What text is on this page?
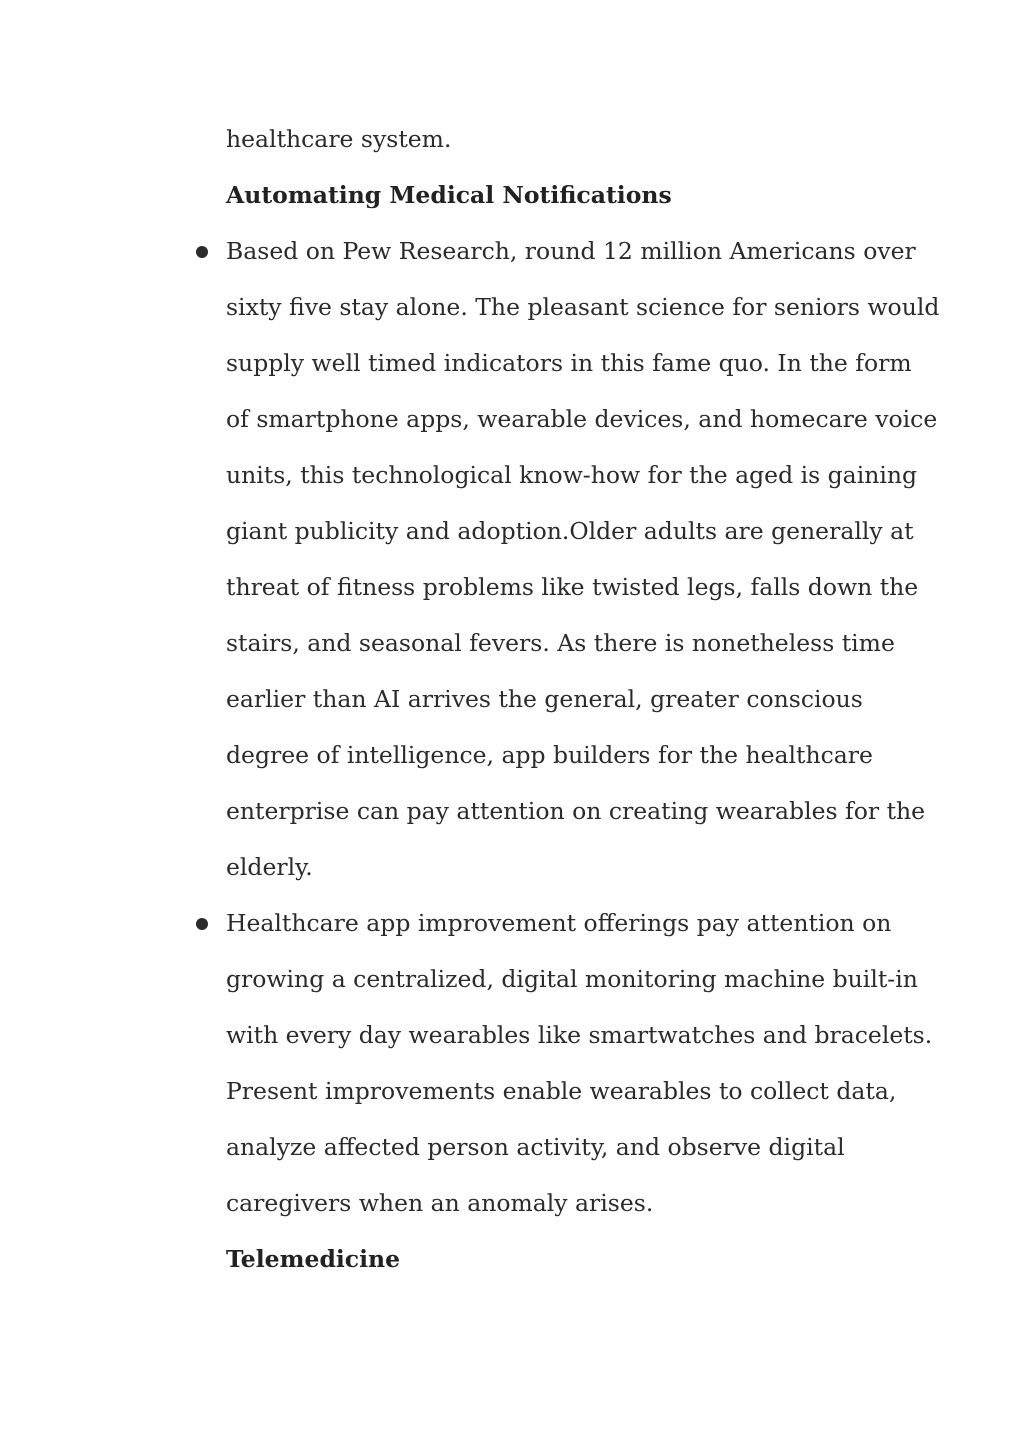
healthcare system.
Automating Medical Notifications
Based on Pew Research, round 12 million Americans over
sixty five stay alone. The pleasant science for seniors would
supply well timed indicators in this fame quo. In the form
of smartphone apps, wearable devices, and homecare voice
units, this technological know-how for the aged is gaining
giant publicity and adoption.Older adults are generally at
threat of fitness problems like twisted legs, falls down the
stairs, and seasonal fevers. As there is nonetheless time
earlier than AI arrives the general, greater conscious
degree of intelligence, app builders for the healthcare
enterprise can pay attention on creating wearables for the
elderly.
Healthcare app improvement offerings pay attention on
growing a centralized, digital monitoring machine built-in
with every day wearables like smartwatches and bracelets.
Present improvements enable wearables to collect data,
analyze affected person activity, and observe digital
caregivers when an anomaly arises.
Telemedicine
